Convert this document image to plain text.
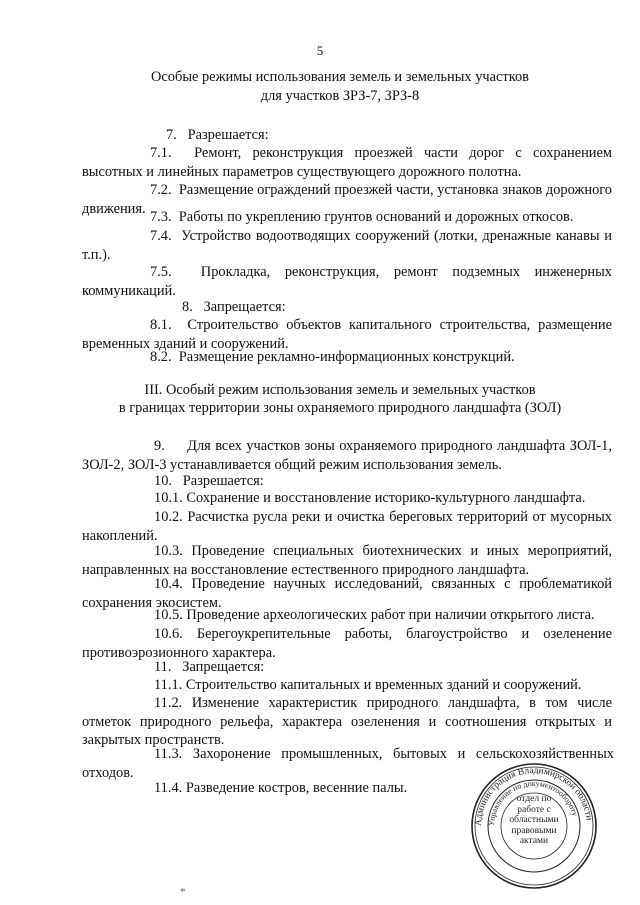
5
Особые режимы использования земель и земельных участков
для участков ЗРЗ-7, ЗРЗ-8
7. Разрешается:
7.1. Ремонт, реконструкция проезжей части дорог с сохранением высотных и линейных параметров существующего дорожного полотна.
7.2. Размещение ограждений проезжей части, установка знаков дорожного движения.
7.3. Работы по укреплению грунтов оснований и дорожных откосов.
7.4. Устройство водоотводящих сооружений (лотки, дренажные канавы и т.п.).
7.5. Прокладка, реконструкция, ремонт подземных инженерных коммуникаций.
8. Запрещается:
8.1. Строительство объектов капитального строительства, размещение временных зданий и сооружений.
8.2. Размещение рекламно-информационных конструкций.
III. Особый режим использования земель и земельных участков
в границах территории зоны охраняемого природного ландшафта (ЗОЛ)
9. Для всех участков зоны охраняемого природного ландшафта ЗОЛ-1, ЗОЛ-2, ЗОЛ-3 устанавливается общий режим использования земель.
10. Разрешается:
10.1. Сохранение и восстановление историко-культурного ландшафта.
10.2. Расчистка русла реки и очистка береговых территорий от мусорных накоплений.
10.3. Проведение специальных биотехнических и иных мероприятий, направленных на восстановление естественного природного ландшафта.
10.4. Проведение научных исследований, связанных с проблематикой сохранения экосистем.
10.5. Проведение археологических работ при наличии открытого листа.
10.6. Берегоукрепительные работы, благоустройство и озеленение противоэрозионного характера.
11. Запрещается:
11.1. Строительство капитальных и временных зданий и сооружений.
11.2. Изменение характеристик природного ландшафта, в том числе отметок природного рельефа, характера озеленения и соотношения открытых и закрытых пространств.
11.3. Захоронение промышленных, бытовых и сельскохозяйственных отходов.
11.4. Разведение костров, весенние палы.
Администрация Владимирской области
Управление по документообороту
отдел по работе с областными правовыми актами
*
